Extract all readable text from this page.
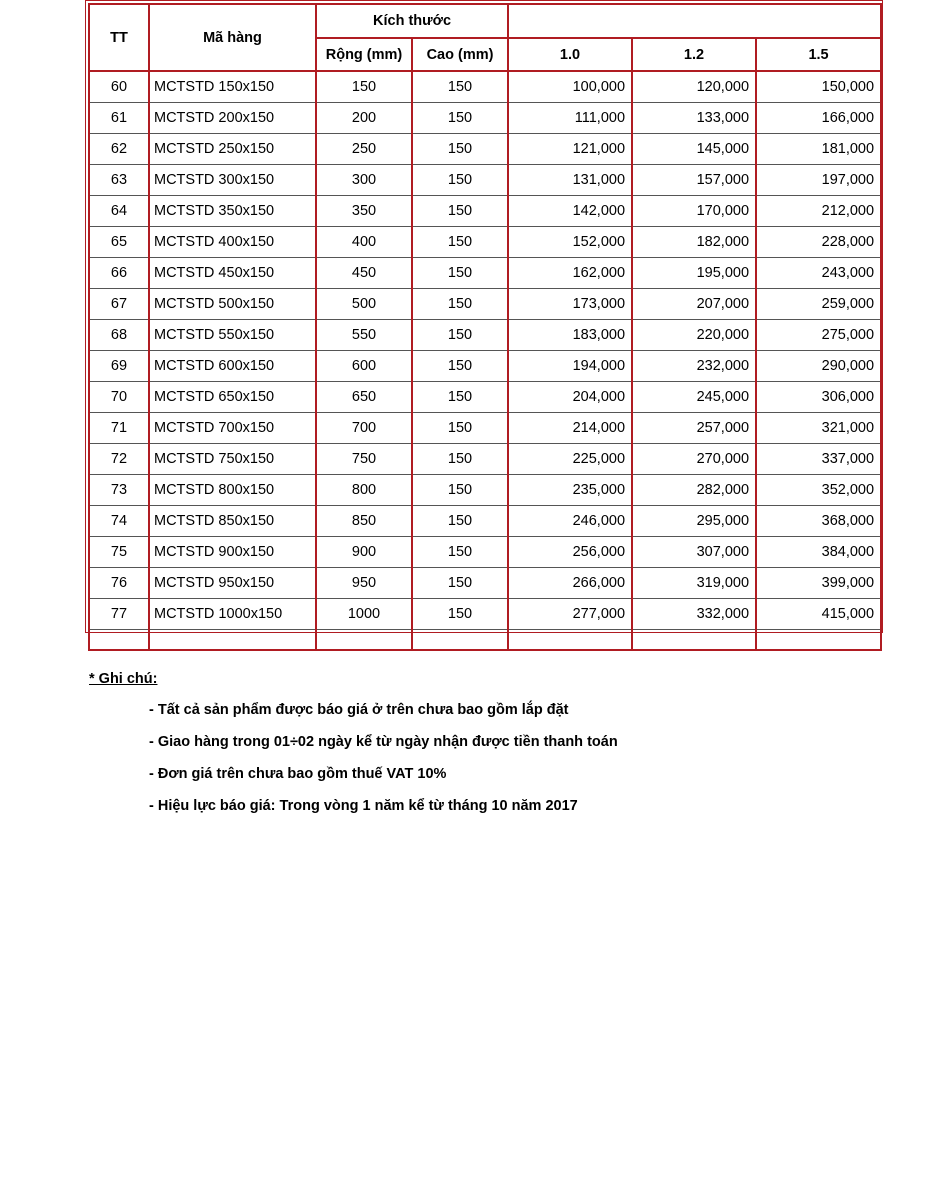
TT	Mã hàng	Kích thước				
		Rộng (mm)	Cao (mm)	1.0	1.2	1.5
60	MCTSTD 150x150	150	150	100,000	120,000	150,000
61	MCTSTD 200x150	200	150	111,000	133,000	166,000
62	MCTSTD 250x150	250	150	121,000	145,000	181,000
63	MCTSTD 300x150	300	150	131,000	157,000	197,000
64	MCTSTD 350x150	350	150	142,000	170,000	212,000
65	MCTSTD 400x150	400	150	152,000	182,000	228,000
66	MCTSTD 450x150	450	150	162,000	195,000	243,000
67	MCTSTD 500x150	500	150	173,000	207,000	259,000
68	MCTSTD 550x150	550	150	183,000	220,000	275,000
69	MCTSTD 600x150	600	150	194,000	232,000	290,000
70	MCTSTD 650x150	650	150	204,000	245,000	306,000
71	MCTSTD 700x150	700	150	214,000	257,000	321,000
72	MCTSTD 750x150	750	150	225,000	270,000	337,000
73	MCTSTD 800x150	800	150	235,000	282,000	352,000
74	MCTSTD 850x150	850	150	246,000	295,000	368,000
75	MCTSTD 900x150	900	150	256,000	307,000	384,000
76	MCTSTD 950x150	950	150	266,000	319,000	399,000
77	MCTSTD 1000x150	1000	150	277,000	332,000	415,000

* Ghi chú:
- Tất cả sản phẩm được báo giá ở trên chưa bao gồm lắp đặt
- Giao hàng trong 01÷02 ngày kể từ ngày nhận được tiền thanh toán
- Đơn giá trên chưa bao gồm thuế VAT 10%
- Hiệu lực báo giá: Trong vòng 1 năm kể từ tháng 10 năm 2017
